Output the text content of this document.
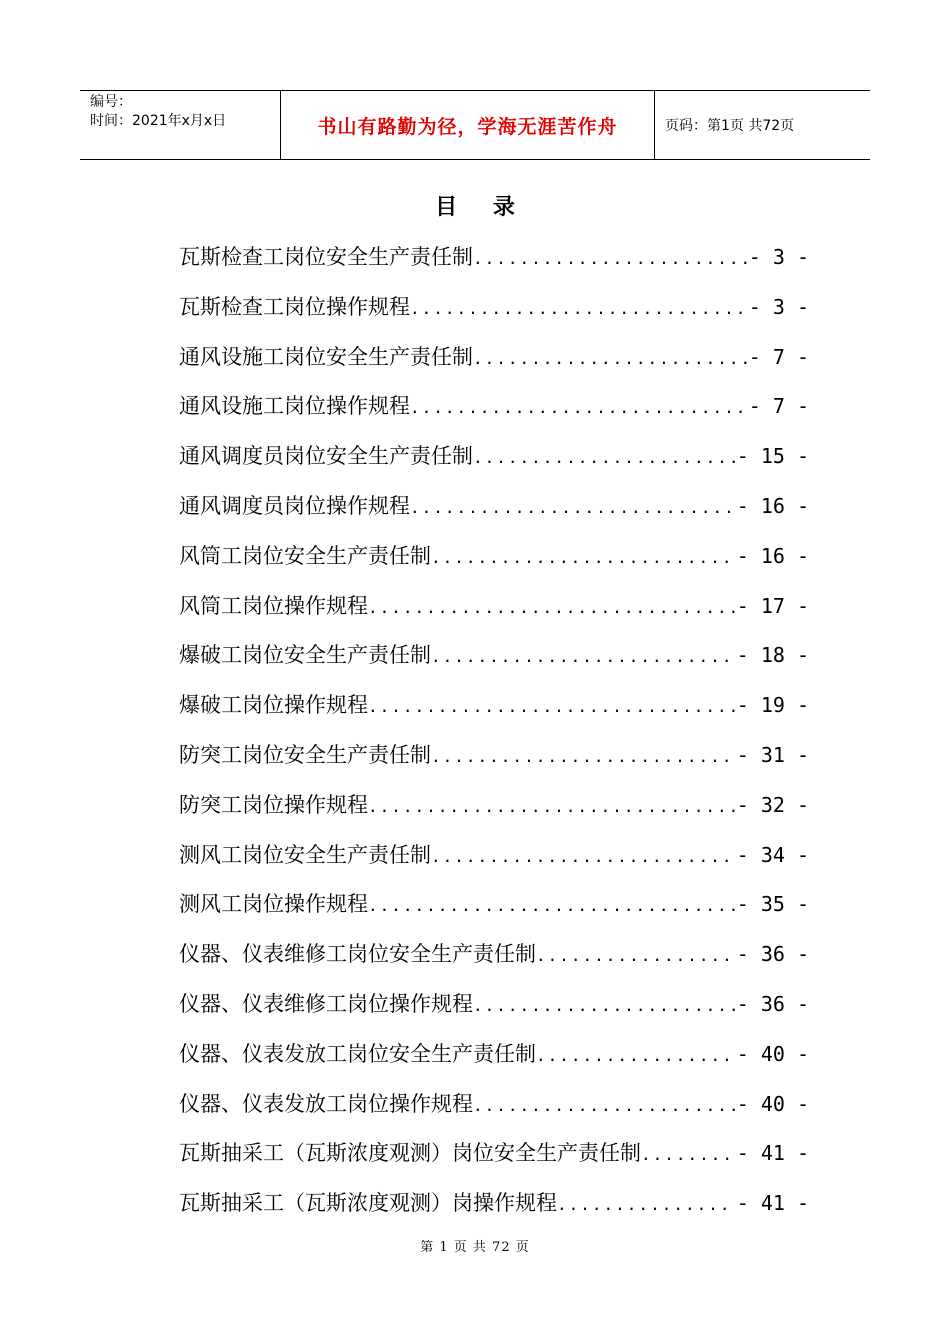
编号：
时间：2021年x月x日	书山有路勤为径，学海无涯苦作舟	页码：第1页 共72页
目 录
瓦斯检查工岗位安全生产责任制 .....	- 3 -
瓦斯检查工岗位操作规程 .....	- 3 -
通风设施工岗位安全生产责任制 .....	- 7 -
通风设施工岗位操作规程 .....	- 7 -
通风调度员岗位安全生产责任制 .....	- 15 -
通风调度员岗位操作规程 .....	- 16 -
风筒工岗位安全生产责任制 .....	- 16 -
风筒工岗位操作规程 .....	- 17 -
爆破工岗位安全生产责任制 .....	- 18 -
爆破工岗位操作规程 .....	- 19 -
防突工岗位安全生产责任制 .....	- 31 -
防突工岗位操作规程 .....	- 32 -
测风工岗位安全生产责任制 .....	- 34 -
测风工岗位操作规程 .....	- 35 -
仪器、仪表维修工岗位安全生产责任制 .....	- 36 -
仪器、仪表维修工岗位操作规程 .....	- 36 -
仪器、仪表发放工岗位安全生产责任制 .....	- 40 -
仪器、仪表发放工岗位操作规程 .....	- 40 -
瓦斯抽采工（瓦斯浓度观测）岗位安全生产责任制 .....	- 41 -
瓦斯抽采工（瓦斯浓度观测）岗操作规程 .....	- 41 -
第 1 页 共 72 页
